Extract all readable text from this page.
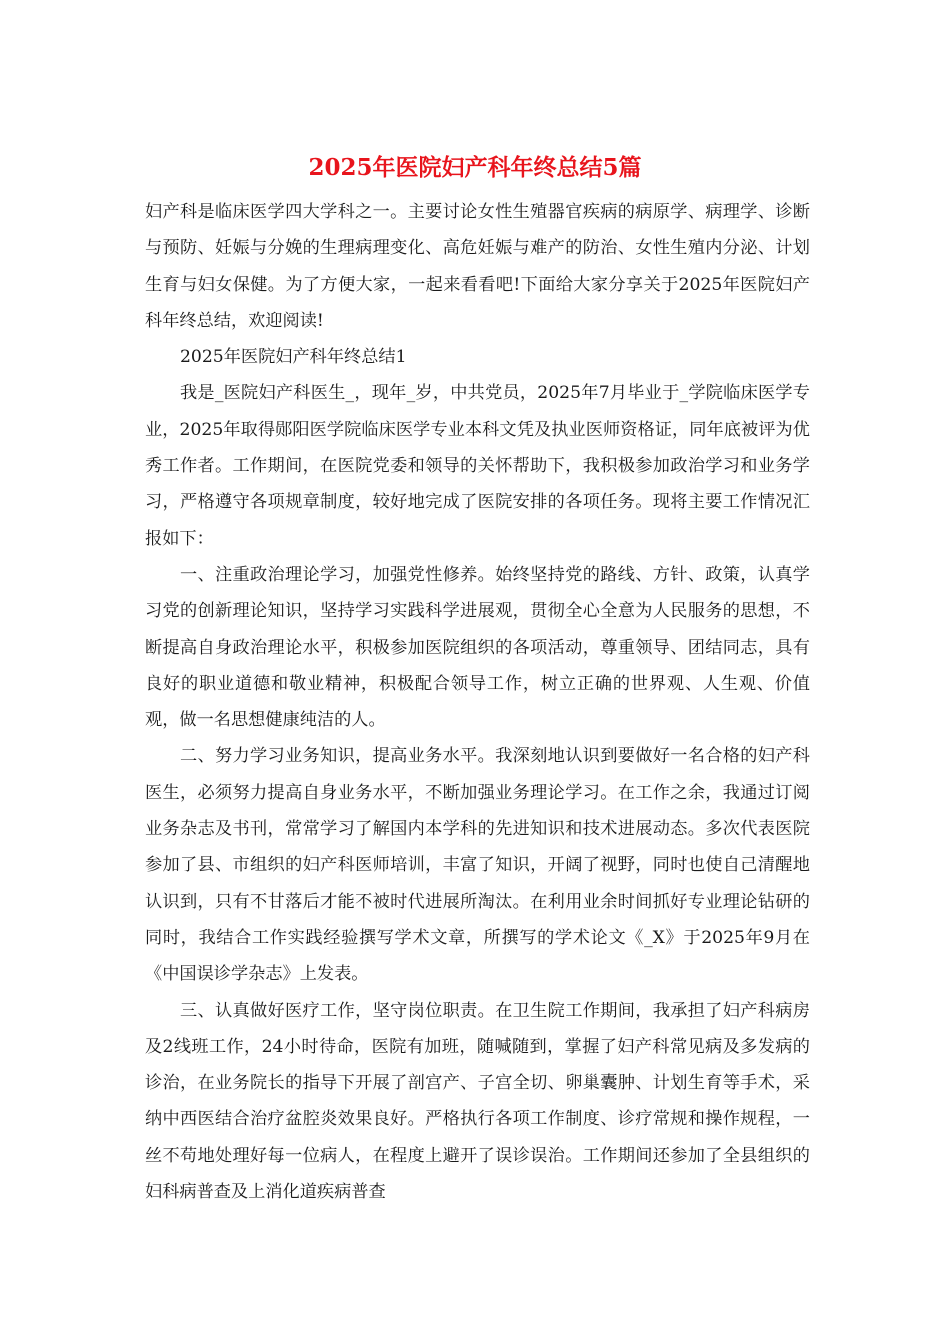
2025年医院妇产科年终总结5篇

妇产科是临床医学四大学科之一。主要讨论女性生殖器官疾病的病原学、病理学、诊断与预防、妊娠与分娩的生理病理变化、高危妊娠与难产的防治、女性生殖内分泌、计划生育与妇女保健。为了方便大家，一起来看看吧!下面给大家分享关于2025年医院妇产科年终总结，欢迎阅读!

2025年医院妇产科年终总结1

我是_医院妇产科医生_，现年_岁，中共党员，2025年7月毕业于_学院临床医学专业，2025年取得郧阳医学院临床医学专业本科文凭及执业医师资格证，同年底被评为优秀工作者。工作期间，在医院党委和领导的关怀帮助下，我积极参加政治学习和业务学习，严格遵守各项规章制度，较好地完成了医院安排的各项任务。现将主要工作情况汇报如下：

一、注重政治理论学习，加强党性修养。始终坚持党的路线、方针、政策，认真学习党的创新理论知识，坚持学习实践科学进展观，贯彻全心全意为人民服务的思想，不断提高自身政治理论水平，积极参加医院组织的各项活动，尊重领导、团结同志，具有良好的职业道德和敬业精神，积极配合领导工作，树立正确的世界观、人生观、价值观，做一名思想健康纯洁的人。

二、努力学习业务知识，提高业务水平。我深刻地认识到要做好一名合格的妇产科医生，必须努力提高自身业务水平，不断加强业务理论学习。在工作之余，我通过订阅业务杂志及书刊，常常学习了解国内本学科的先进知识和技术进展动态。多次代表医院参加了县、市组织的妇产科医师培训，丰富了知识，开阔了视野，同时也使自己清醒地认识到，只有不甘落后才能不被时代进展所淘汰。在利用业余时间抓好专业理论钻研的同时，我结合工作实践经验撰写学术文章，所撰写的学术论文《_X》于2025年9月在《中国误诊学杂志》上发表。

三、认真做好医疗工作，坚守岗位职责。在卫生院工作期间，我承担了妇产科病房及2线班工作，24小时待命，医院有加班，随喊随到，掌握了妇产科常见病及多发病的诊治，在业务院长的指导下开展了剖宫产、子宫全切、卵巢囊肿、计划生育等手术，采纳中西医结合治疗盆腔炎效果良好。严格执行各项工作制度、诊疗常规和操作规程，一丝不苟地处理好每一位病人，在程度上避开了误诊误治。工作期间还参加了全县组织的妇科病普查及上消化道疾病普查
